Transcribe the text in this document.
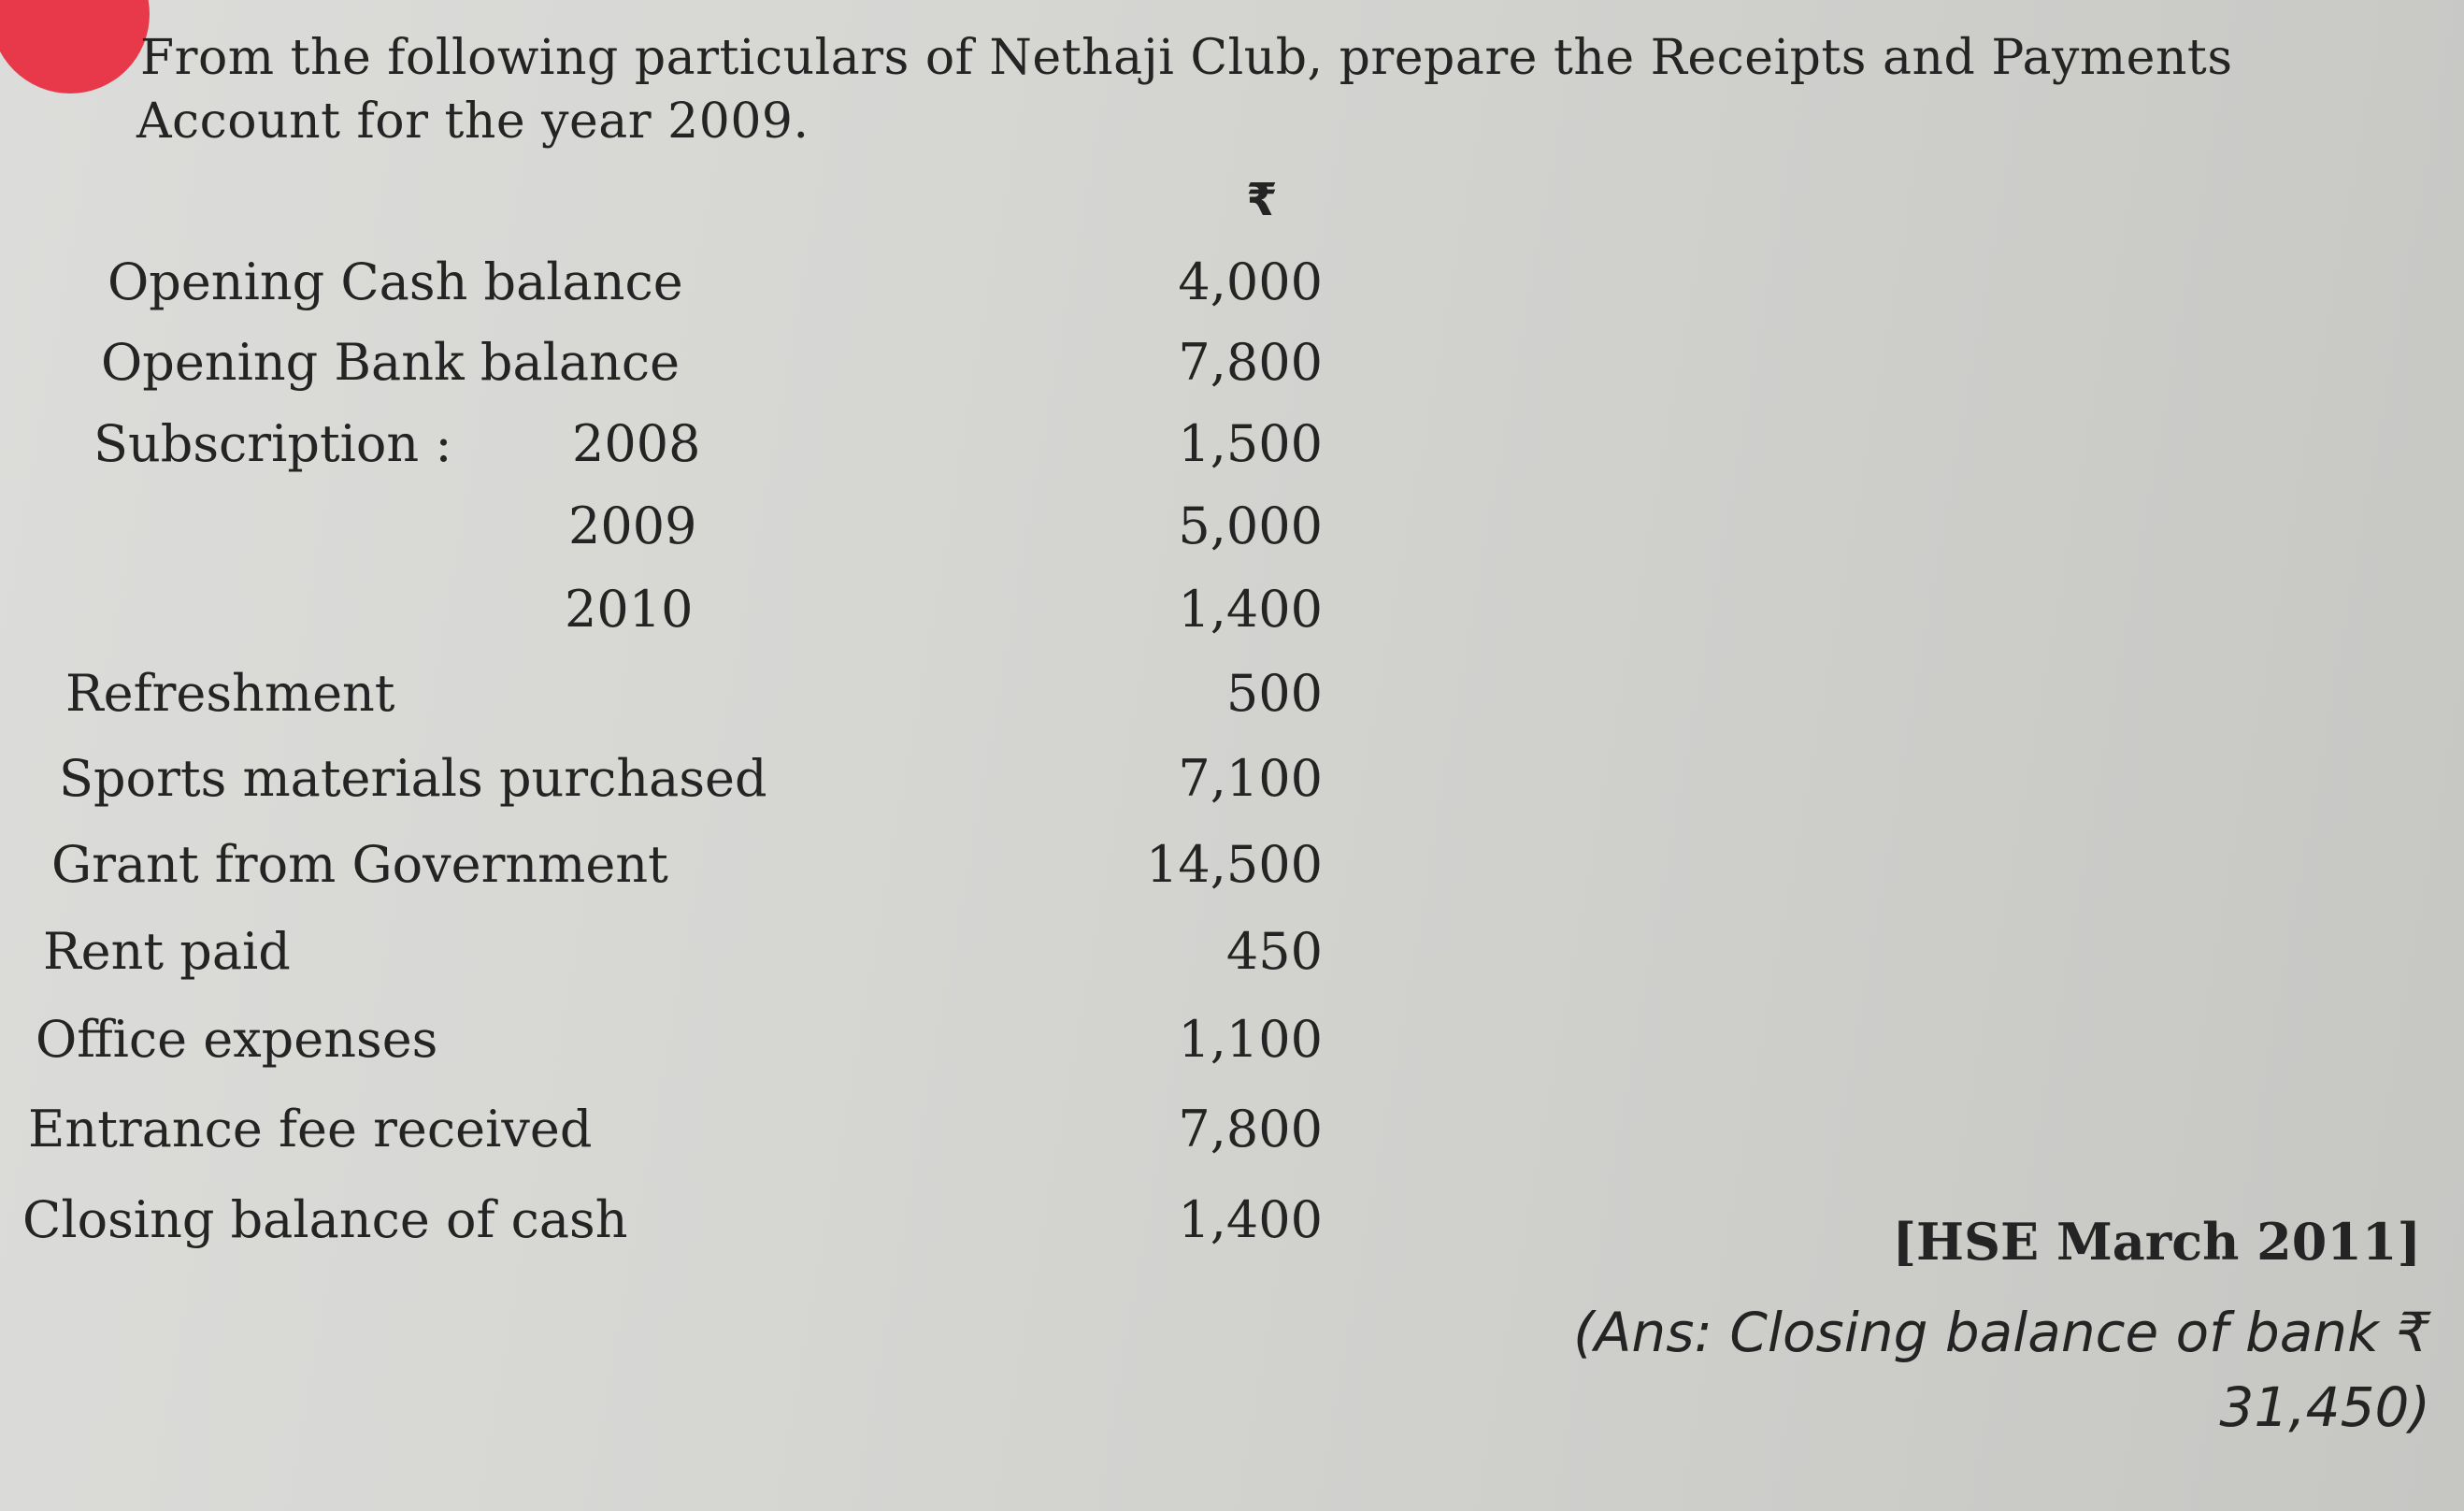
From the following particulars of Nethaji Club, prepare the Receipts and Payments
Account for the year 2009.
₹
Opening Cash balance	4,000
Opening Bank balance	7,800
Subscription : 2008	1,500
2009	5,000
2010	1,400
Refreshment	500
Sports materials purchased	7,100
Grant from Government	14,500
Rent paid	450
Office expenses	1,100
Entrance fee received	7,800
Closing balance of cash	1,400	[HSE March 2011]
(Ans: Closing balance of bank ₹ 31,450)
